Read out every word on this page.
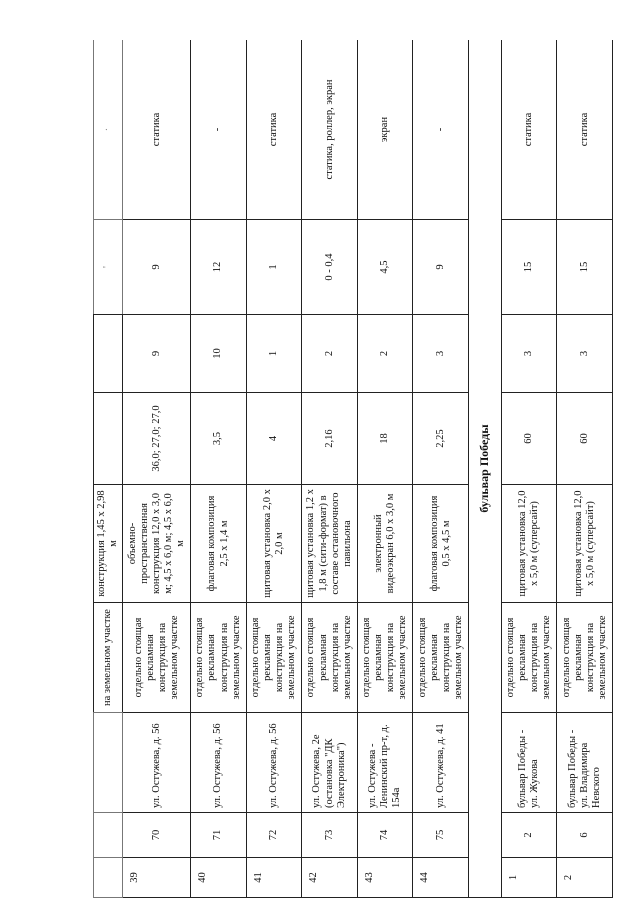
			на земельном участке	конструкция 1,45 х 2,98 м			'	·
39	70	ул. Остужева, д. 56	отдельно стоящая рекламная конструкция на земельном участке	объемно-пространственная конструкция 12,0 х 3,0 м; 4,5 х 6,0 м; 4,5 х 6,0 м	36,0; 27,0; 27,0	9	9	статика
40	71	ул. Остужева, д. 56	отдельно стоящая рекламная конструкция на земельном участке	флаговая композиция 2,5 х 1,4 м	3,5	10	12	-
41	72	ул. Остужева, д. 56	отдельно стоящая рекламная конструкция на земельном участке	щитовая установка 2,0 х 2,0 м	4	1	1	статика
42	73	ул. Остужева, 2е (остановка "ДК Электроника")	отдельно стоящая рекламная конструкция на земельном участке	щитовая установка 1,2 х 1,8 м (сити-формат) в составе остановочного павильона	2,16	2	0 - 0,4	статика, роллер, экран
43	74	ул. Остужева - Ленинский пр-т, д. 154а	отдельно стоящая рекламная конструкция на земельном участке	электронный видеоэкран 6,0 х 3,0 м	18	2	4,5	экран
44	75	ул. Остужева, д. 41	отдельно стоящая рекламная конструкция на земельном участке	флаговая композиция 0,5 х 4,5 м	2,25	3	9	-
бульвар Победы								
1	2	бульвар Победы - ул. Жукова	отдельно стоящая рекламная конструкция на земельном участке	щитовая установка 12,0 х 5,0 м (суперсайт)	60	3	15	статика
2	6	бульвар Победы - ул. Владимира Невского	отдельно стоящая рекламная конструкция на земельном участке	щитовая установка 12,0 х 5,0 м (суперсайт)	60	3	15	статика
